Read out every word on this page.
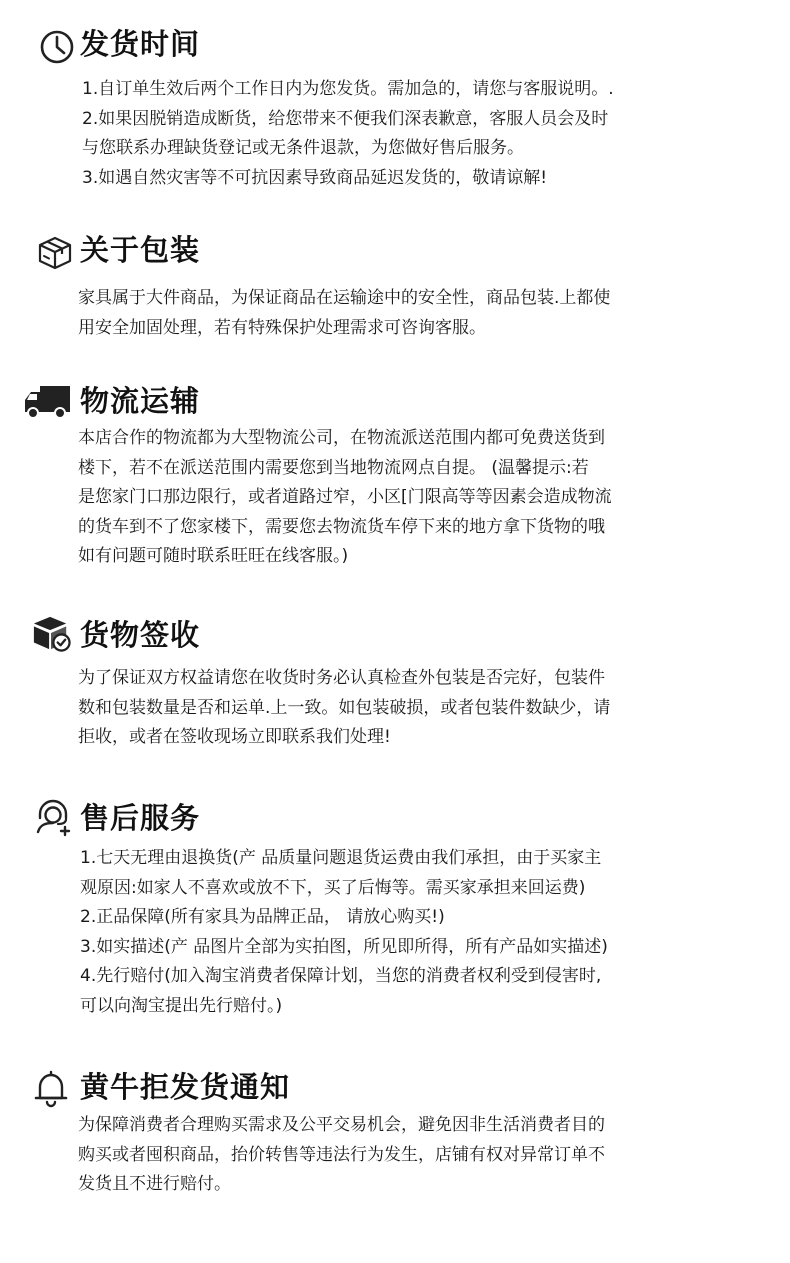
发货时间
1.自订单生效后两个工作日内为您发货。需加急的，请您与客服说明。.
2.如果因脱销造成断货，给您带来不便我们深表歉意，客服人员会及时
与您联系办理缺货登记或无条件退款，为您做好售后服务。
3.如遇自然灾害等不可抗因素导致商品延迟发货的，敬请谅解!
关于包装
家具属于大件商品，为保证商品在运输途中的安全性，商品包装.上都使
用安全加固处理，若有特殊保护处理需求可咨询客服。
物流运辅
本店合作的物流都为大型物流公司，在物流派送范围内都可免费送货到
楼下，若不在派送范围内需要您到当地物流网点自提。 (温馨提示:若
是您家门口那边限行，或者道路过窄，小区[门限高等等因素会造成物流
的货车到不了您家楼下，需要您去物流货车停下来的地方拿下货物的哦
如有问题可随时联系旺旺在线客服。)
货物签收
为了保证双方权益请您在收货时务必认真检查外包装是否完好，包装件
数和包装数量是否和运单.上一致。如包装破损，或者包装件数缺少，请
拒收，或者在签收现场立即联系我们处理!
售后服务
1.七天无理由退换货(产 品质量问题退货运费由我们承担，由于买家主
观原因:如家人不喜欢或放不下，买了后悔等。需买家承担来回运费)
2.正品保障(所有家具为品牌正品， 请放心购买!)
3.如实描述(产 品图片全部为实拍图，所见即所得，所有产品如实描述)
4.先行赔付(加入淘宝消费者保障计划，当您的消费者权利受到侵害时,
可以向淘宝提出先行赔付。)
黄牛拒发货通知
为保障消费者合理购买需求及公平交易机会，避免因非生活消费者目的
购买或者囤积商品，抬价转售等违法行为发生，店铺有权对异常订单不
发货且不进行赔付。
